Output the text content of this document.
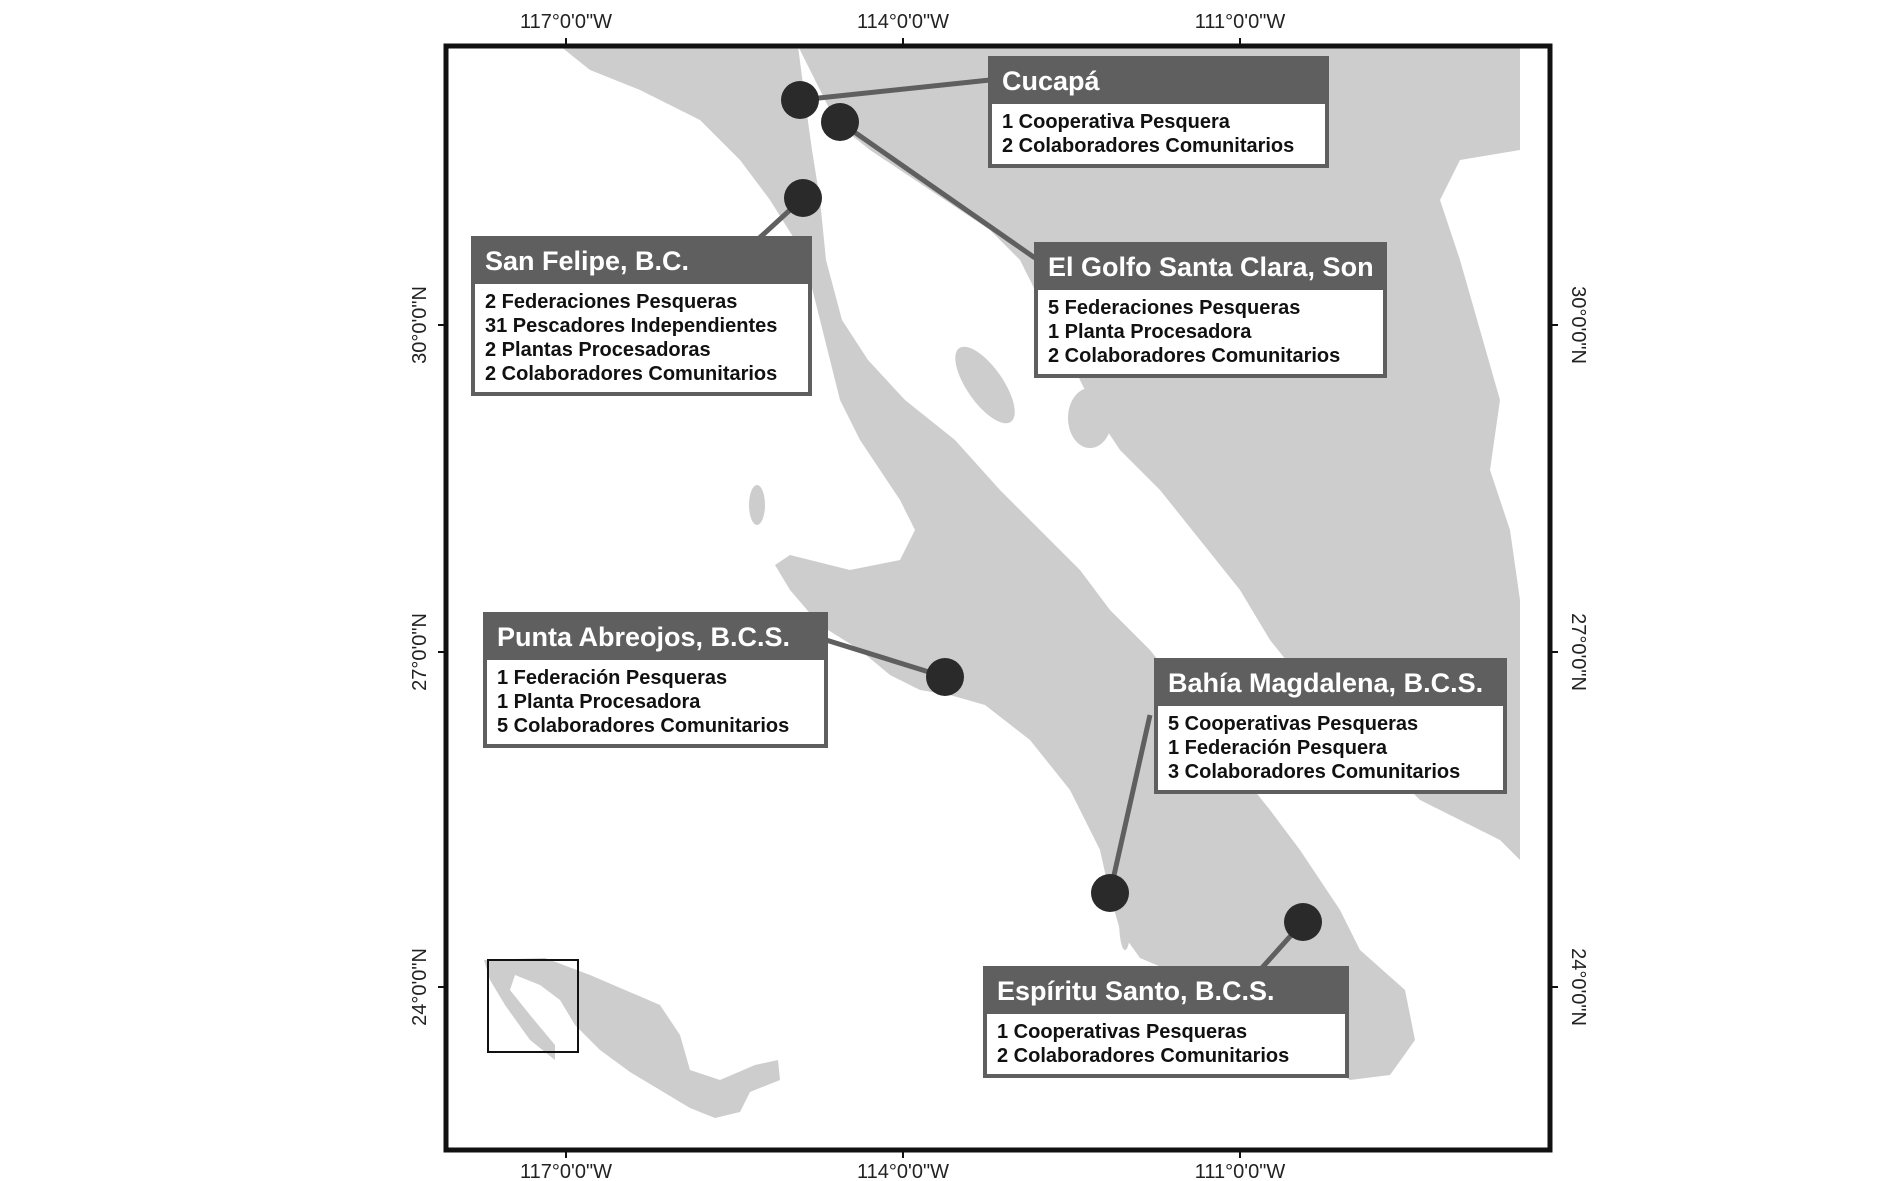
117°0'0"W	114°0'0"W	111°0'0"W
117°0'0"W	114°0'0"W	111°0'0"W
30°0'0"N
27°0'0"N
24°0'0"N
30°0'0"N
27°0'0"N
24°0'0"N
Cucapá
1 Cooperativa Pesquera
2 Colaboradores Comunitarios
San Felipe, B.C.
2 Federaciones Pesqueras
31 Pescadores Independientes
2 Plantas Procesadoras
2 Colaboradores Comunitarios
El Golfo Santa Clara, Son
5 Federaciones Pesqueras
1 Planta Procesadora
2 Colaboradores Comunitarios
Punta Abreojos, B.C.S.
1 Federación Pesqueras
1 Planta Procesadora
5 Colaboradores Comunitarios
Bahía Magdalena, B.C.S.
5 Cooperativas Pesqueras
1 Federación Pesquera
3 Colaboradores Comunitarios
Espíritu Santo, B.C.S.
1 Cooperativas Pesqueras
2 Colaboradores Comunitarios
